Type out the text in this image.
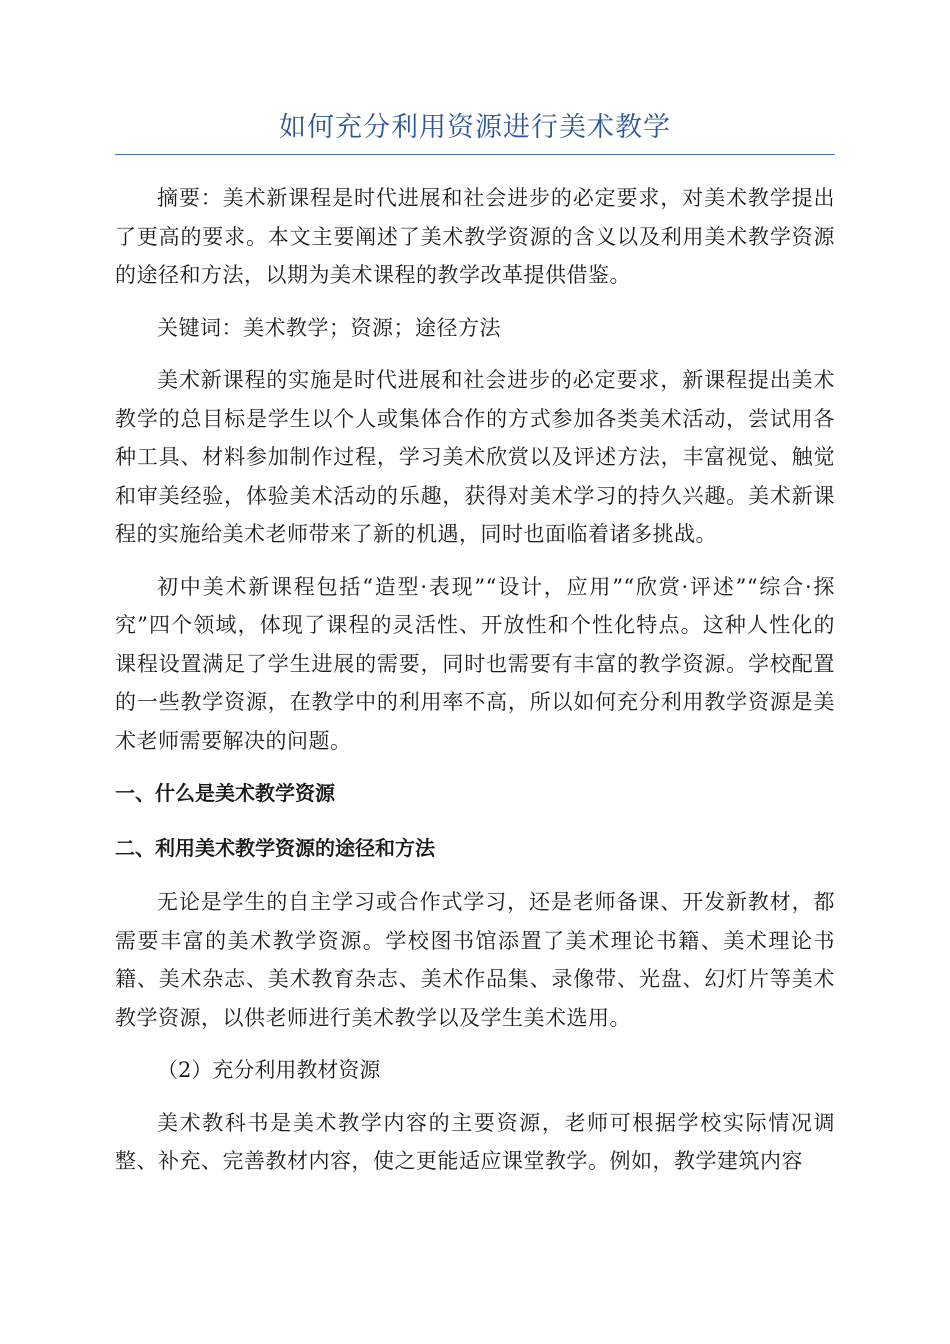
如何充分利用资源进行美术教学

摘要：美术新课程是时代进展和社会进步的必定要求，对美术教学提出了更高的要求。本文主要阐述了美术教学资源的含义以及利用美术教学资源的途径和方法，以期为美术课程的教学改革提供借鉴。

关键词：美术教学；资源；途径方法

美术新课程的实施是时代进展和社会进步的必定要求，新课程提出美术教学的总目标是学生以个人或集体合作的方式参加各类美术活动，尝试用各种工具、材料参加制作过程，学习美术欣赏以及评述方法，丰富视觉、触觉和审美经验，体验美术活动的乐趣，获得对美术学习的持久兴趣。美术新课程的实施给美术老师带来了新的机遇，同时也面临着诸多挑战。

初中美术新课程包括“造型·表现”“设计，应用”“欣赏·评述”“综合·探究”四个领域，体现了课程的灵活性、开放性和个性化特点。这种人性化的课程设置满足了学生进展的需要，同时也需要有丰富的教学资源。学校配置的一些教学资源，在教学中的利用率不高，所以如何充分利用教学资源是美术老师需要解决的问题。

一、什么是美术教学资源
二、利用美术教学资源的途径和方法

无论是学生的自主学习或合作式学习，还是老师备课、开发新教材，都需要丰富的美术教学资源。学校图书馆添置了美术理论书籍、美术理论书籍、美术杂志、美术教育杂志、美术作品集、录像带、光盘、幻灯片等美术教学资源，以供老师进行美术教学以及学生美术选用。

（2）充分利用教材资源

美术教科书是美术教学内容的主要资源，老师可根据学校实际情况调整、补充、完善教材内容，使之更能适应课堂教学。例如，教学建筑内容
